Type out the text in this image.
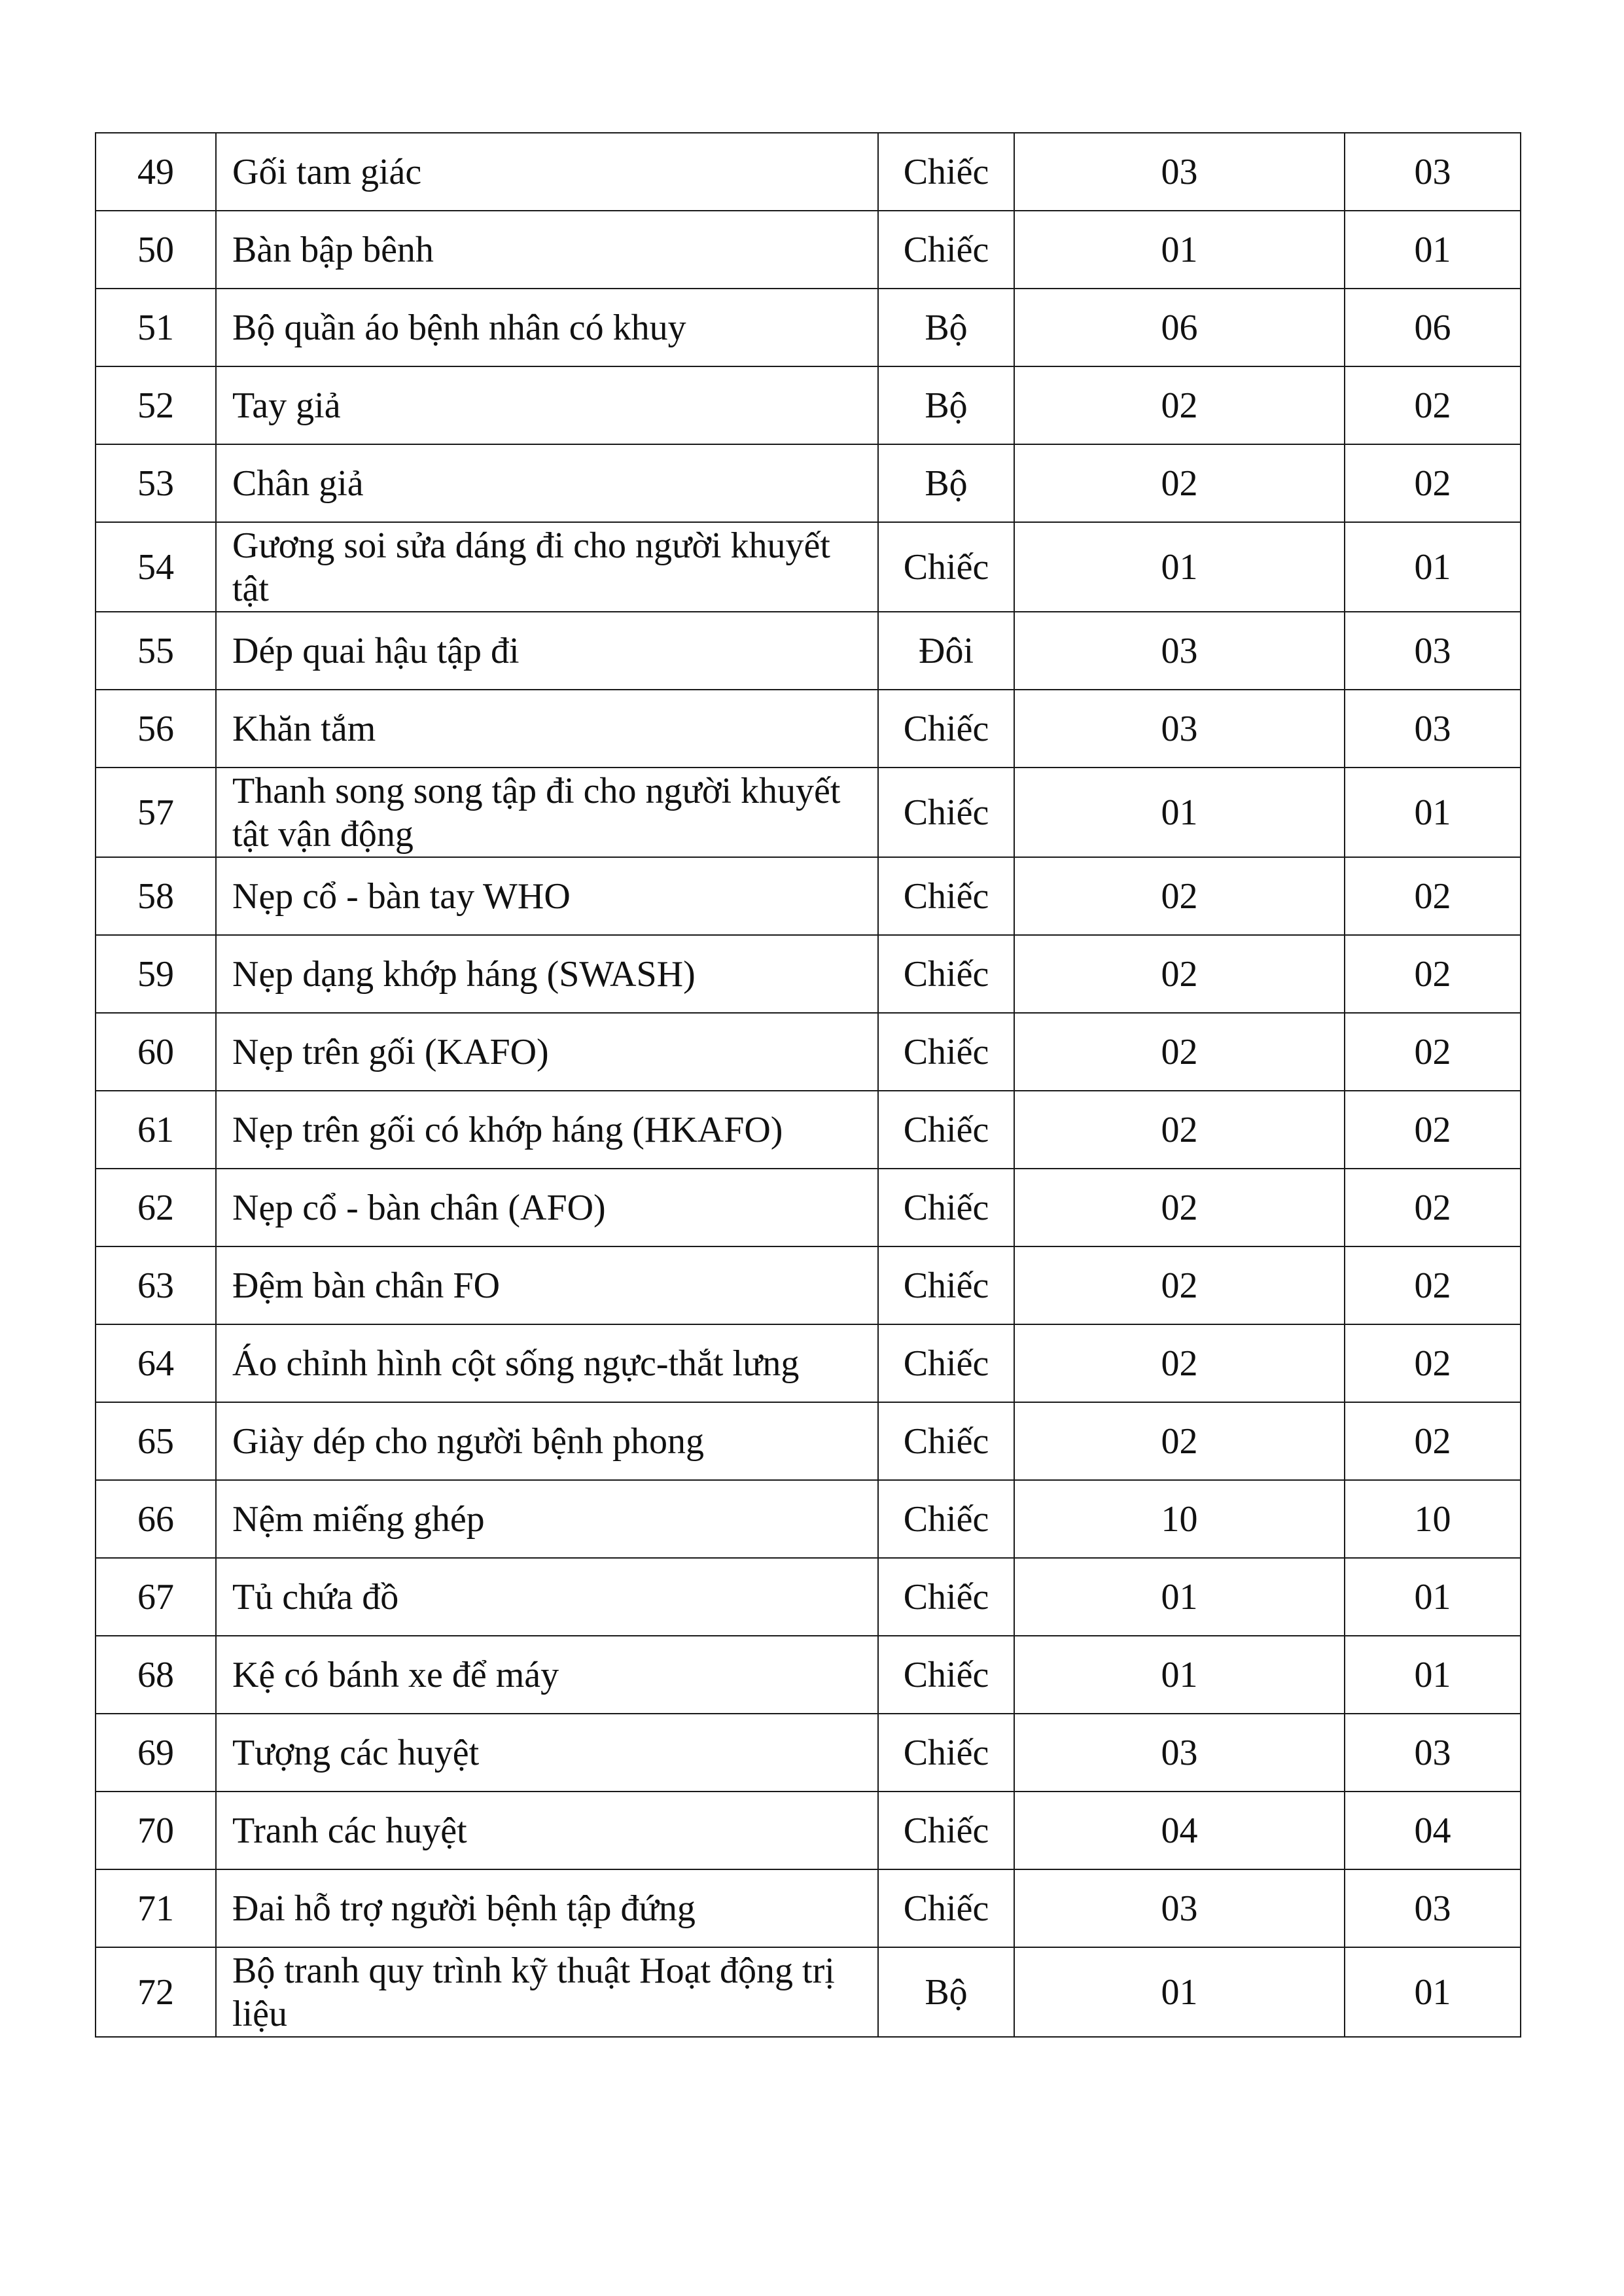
49	Gối tam giác	Chiếc	03	03
50	Bàn bập bênh	Chiếc	01	01
51	Bộ quần áo bệnh nhân có khuy	Bộ	06	06
52	Tay giả	Bộ	02	02
53	Chân giả	Bộ	02	02
54	Gương soi sửa dáng đi cho người khuyết tật	Chiếc	01	01
55	Dép quai hậu tập đi	Đôi	03	03
56	Khăn tắm	Chiếc	03	03
57	Thanh song song tập đi cho người khuyết tật vận động	Chiếc	01	01
58	Nẹp cổ - bàn tay WHO	Chiếc	02	02
59	Nẹp dạng khớp háng (SWASH)	Chiếc	02	02
60	Nẹp trên gối (KAFO)	Chiếc	02	02
61	Nẹp trên gối có khớp háng (HKAFO)	Chiếc	02	02
62	Nẹp cổ - bàn chân (AFO)	Chiếc	02	02
63	Đệm bàn chân FO	Chiếc	02	02
64	Áo chỉnh hình cột sống ngực-thắt lưng	Chiếc	02	02
65	Giày dép cho người bệnh phong	Chiếc	02	02
66	Nệm miếng ghép	Chiếc	10	10
67	Tủ chứa đồ	Chiếc	01	01
68	Kệ có bánh xe để máy	Chiếc	01	01
69	Tượng các huyệt	Chiếc	03	03
70	Tranh các huyệt	Chiếc	04	04
71	Đai hỗ trợ người bệnh tập đứng	Chiếc	03	03
72	Bộ tranh quy trình kỹ thuật Hoạt động trị liệu	Bộ	01	01
